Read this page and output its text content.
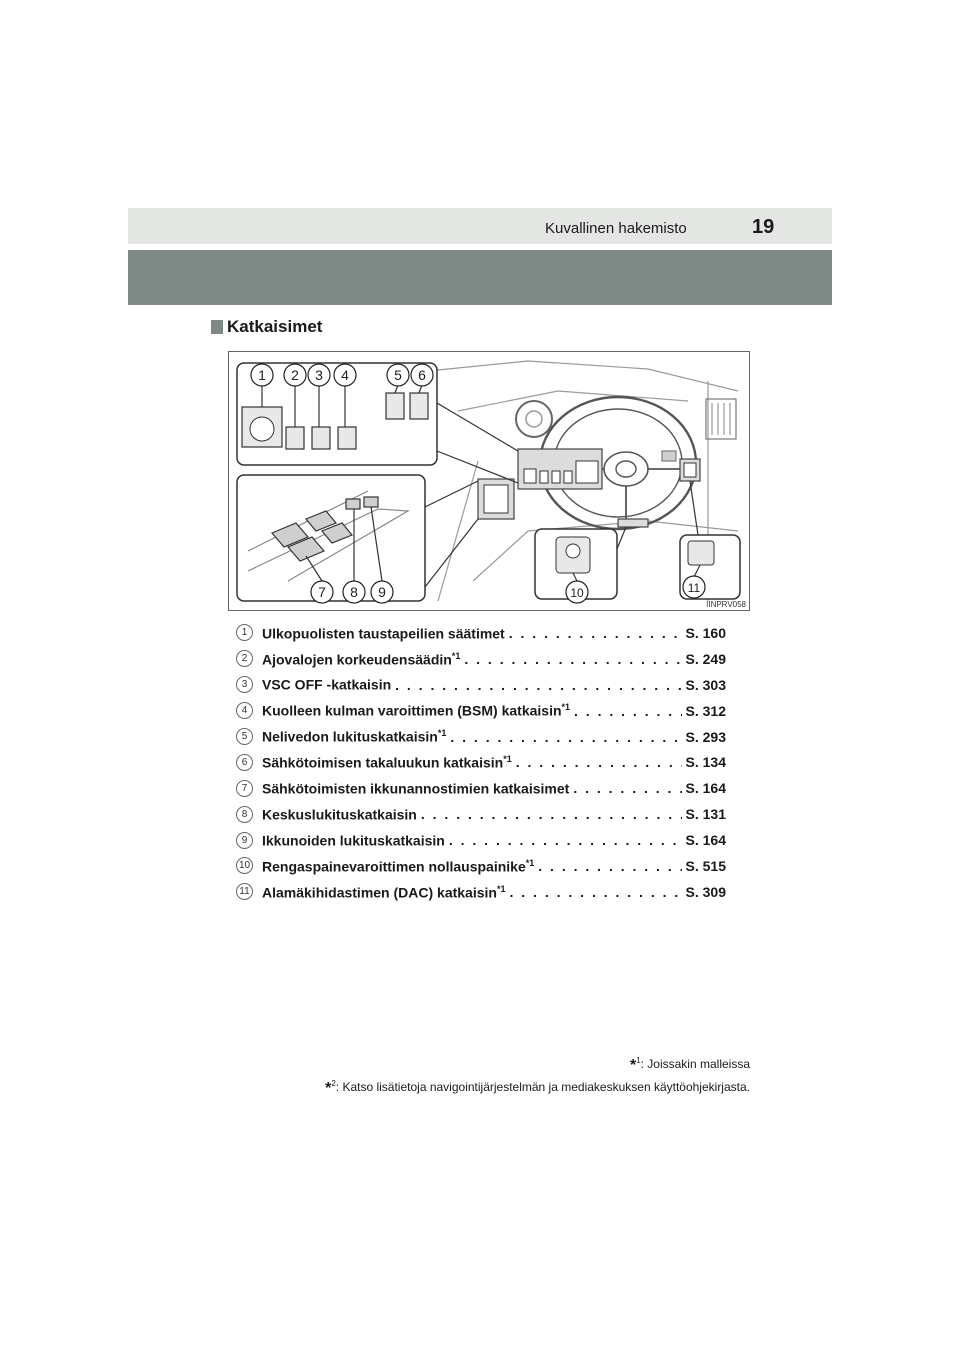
Kuvallinen hakemisto	19
Katkaisimet
1 2 3 4	5 6
7 8 9	10	11
IINPRV058
1	Ulkopuolisten taustapeilien säätimet . . .	S. 160
2	Ajovalojen korkeudensäädin$^{*1}$ . . .	S. 249
3	VSC OFF -katkaisin . . .	S. 303
4	Kuolleen kulman varoittimen (BSM) katkaisin$^{*1}$ . . .	S. 312
5	Nelivedon lukituskatkaisin$^{*1}$ . . .	S. 293
6	Sähkötoimisen takaluukun katkaisin$^{*1}$ . . .	S. 134
7	Sähkötoimisten ikkunannostimien katkaisimet . . .	S. 164
8	Keskuslukituskatkaisin . . .	S. 131
9	Ikkunoiden lukituskatkaisin . . .	S. 164
10 Rengaspainevaroittimen nollauspainike$^{*1}$ . . .	S. 515
11 Alamäkihidastimen (DAC) katkaisin$^{*1}$ . . .	S. 309
*$^1$: Joissakin malleissa
*$^2$: Katso lisätietoja navigointijärjestelmän ja mediakeskuksen käyttöohjekirjasta.
